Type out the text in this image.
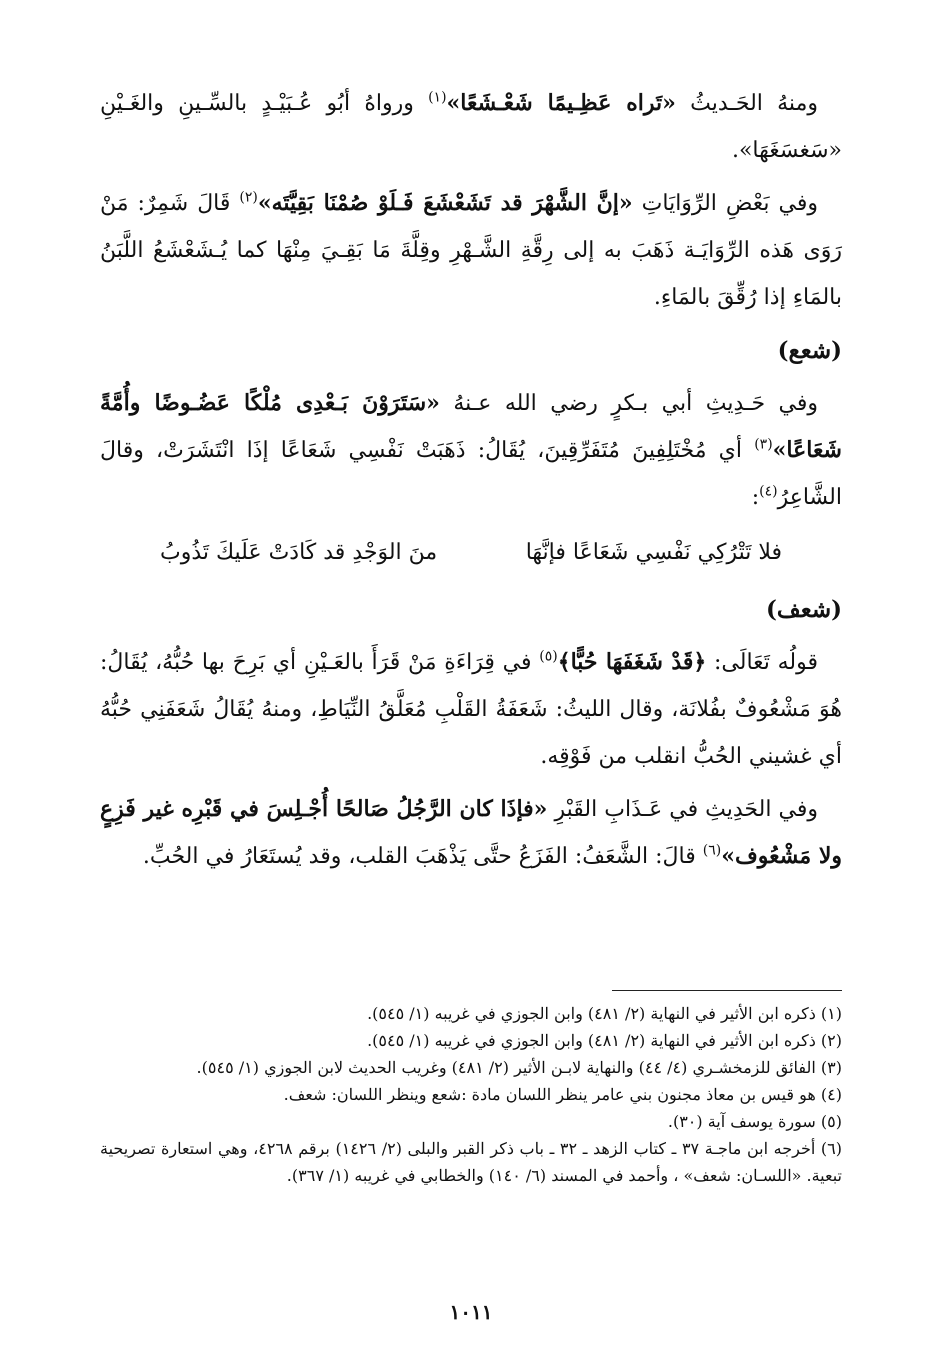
ومنهُ الحَـديثُ «تَراه عَظِـيمًا شَعْـشَعًا»$^{(١)}$ ورواهُ أبُو عُـبَيْـدٍ بالسِّـينِ والغَـيْنِ «سَغسَغَهَا».

وفي بَعْضِ الرِّوَايَاتِ «إنَّ الشَّهْرَ قد تَشَعْشَعَ فَـلَوْ صُمْنَا بَقِيَّتَه»$^{(٢)}$ قَالَ شَمِرٌ: مَنْ رَوَى هَذه الرِّوَايَـة ذَهَبَ به إلى رِقَّةِ الشَّـهْرِ وقِلَّةَ مَا بَقِـيَ مِنْهَا كما يُـشَعْشَعُ اللَّبَنُ بالمَاءِ إذا رُقِّقَ بالمَاءِ.

(شعع)

وفي حَـدِيثِ أبي بـكرٍ رضي الله عـنهُ «سَتَرَوْنَ بَـعْدِى مُلْكًا عَضُـوضًا وأُمَّةً شَعَاعًا»$^{(٣)}$ أي مُخْتَلِفِينَ مُتَفَرِّقِينَ، يُقَالُ: ذَهَبَتْ نَفْسِي شَعَاعًا إذَا انْتَشَرَتْ، وقالَ الشَّاعِرُ$^{(٤)}$:

فلا تَتْرُكِي نَفْسِي شَعَاعًا فإنَّهَا
منَ الوَجْدِ قد كَادَتْ عَلَيكَ تَذُوبُ

(شعف)

قولُه تَعَالَى: ﴿قَدْ شَغَفَهَا حُبًّا﴾$^{(٥)}$ في قِرَاءَةِ مَنْ قَرَأَ بالعَـيْنِ أي بَرِحَ بها حُبُّهُ، يُقَالُ: هُوَ مَشْعُوفٌ بفُلانَة، وقال الليثُ: شَعَفَةُ القَلْبِ مُعَلَّقُ النِّيَاطِ، ومنهُ يُقَالُ شَعَفَنِي حُبُّهُ أي غشيني الحُبُّ انقلب من فَوْقِه.

وفي الحَدِيثِ في عَـذَابِ القَبْرِ «فإذَا كان الرَّجُلُ صَالحًا أُجْـلِسَ في قَبْرِه غير فَزِعٍ ولا مَشْعُوف»$^{(٦)}$ قالَ: الشَّعَفُ: الفَزَعُ حتَّى يَذْهَبَ القلب، وقد يُستَعَارُ في الحُبِّ.

(١) ذكره ابن الأثير في النهاية (٢/ ٤٨١) وابن الجوزي في غريبه (١/ ٥٤٥).

(٢) ذكره ابن الأثير في النهاية (٢/ ٤٨١) وابن الجوزي في غريبه (١/ ٥٤٥).

(٣) الفائق للزمخشـري (٤/ ٤٤) والنهاية لابـن الأثير (٢/ ٤٨١) وغريب الحديث لابن الجوزي (١/ ٥٤٥).

(٤) هو قيس بن معاذ مجنون بني عامر ينظر اللسان مادة :شعع وينظر اللسان: شعف.

(٥) سورة يوسف آية (٣٠).

(٦) أخرجه ابن ماجـة ٣٧ ـ كتاب الزهد ـ ٣٢ ـ باب ذكر القبر والبلى (٢/ ١٤٢٦) برقم ٤٢٦٨، وهي استعارة تصريحية تبعية. «اللسـان: شعف» ، وأحمد في المسند (٦/ ١٤٠) والخطابي في غريبه (١/ ٣٦٧).

١٠١١
